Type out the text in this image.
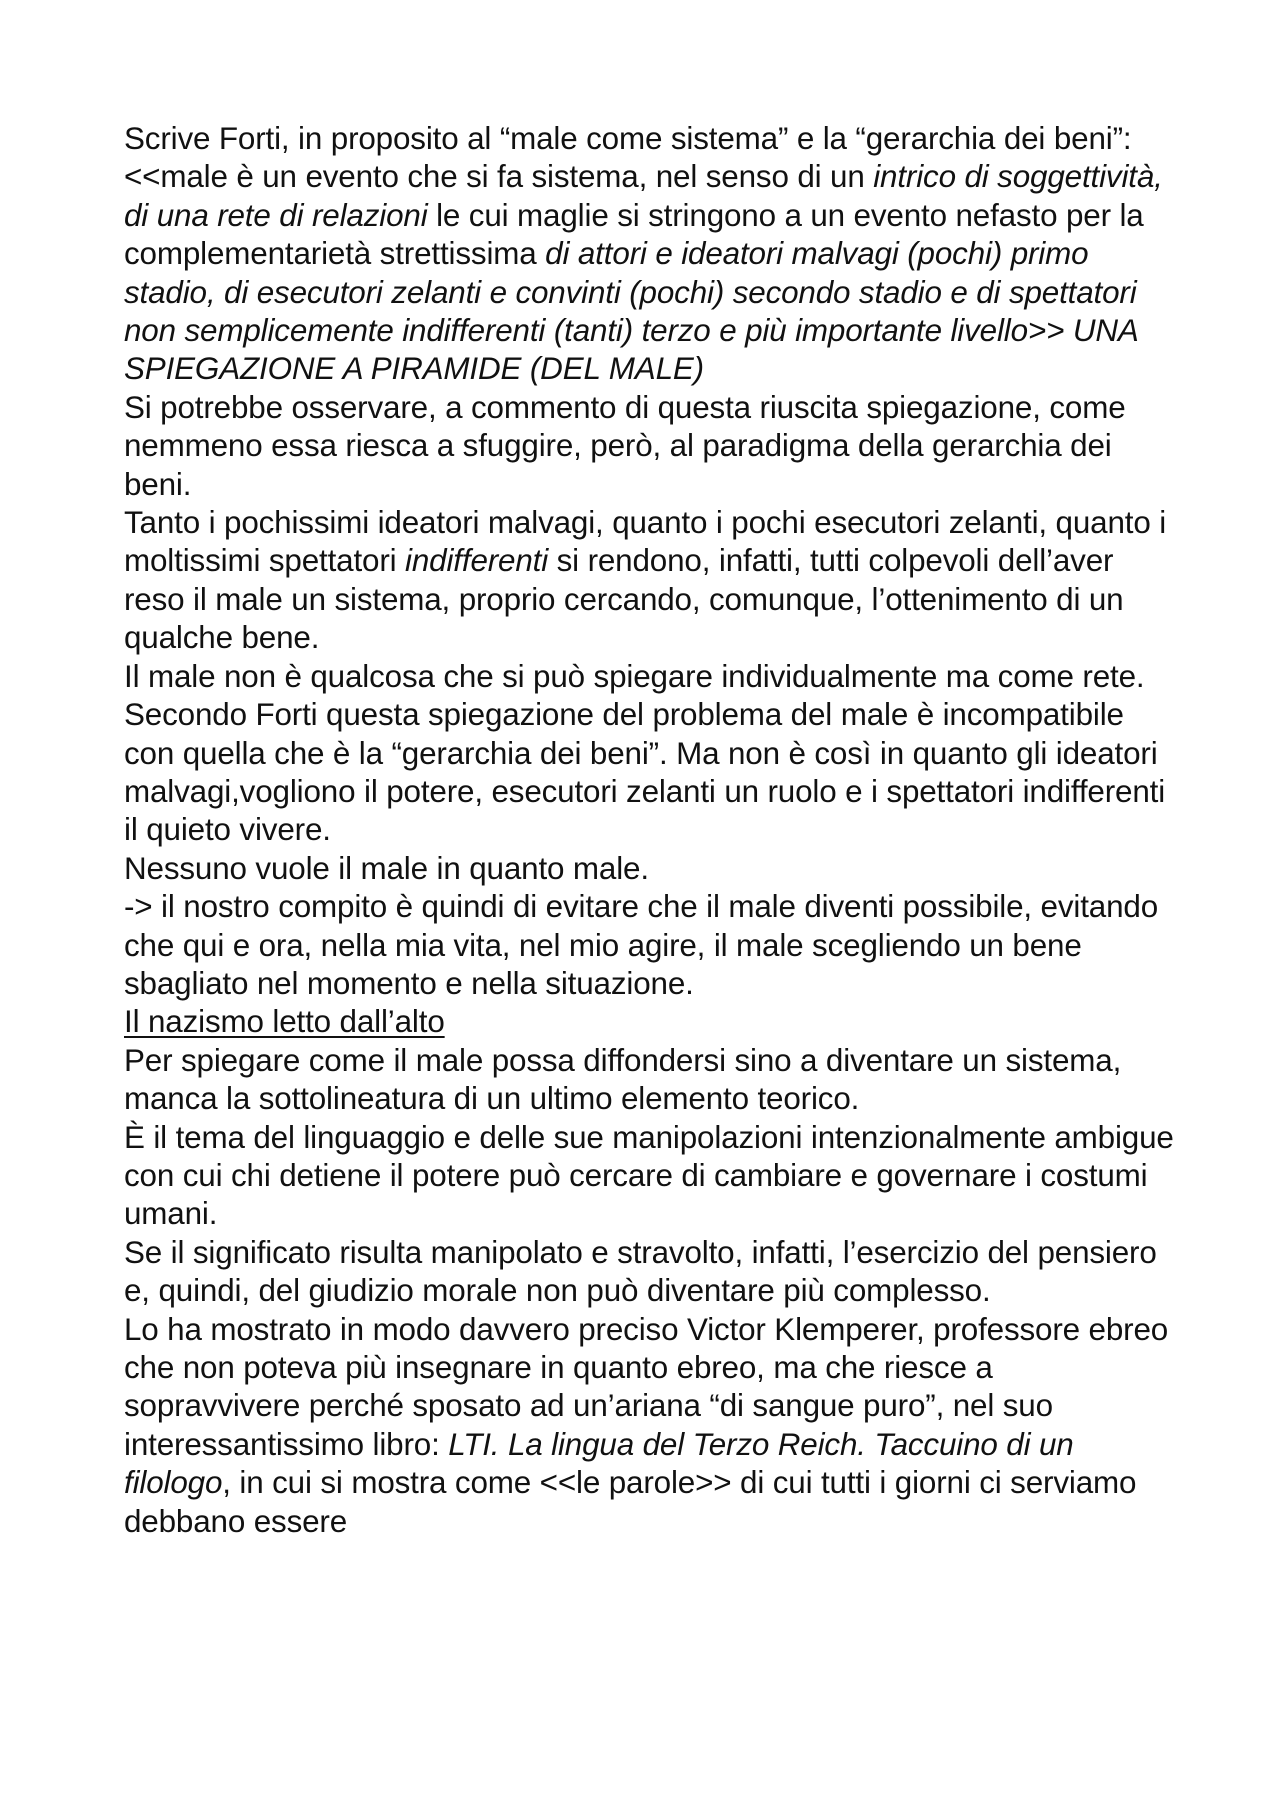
Scrive Forti, in proposito al “male come sistema” e la “gerarchia dei beni”: <<male è un evento che si fa sistema, nel senso di un intrico di soggettività, di una rete di relazioni le cui maglie si stringono a un evento nefasto per la complementarietà strettissima di attori e ideatori malvagi (pochi) primo stadio, di esecutori zelanti e convinti (pochi) secondo stadio e di spettatori non semplicemente indifferenti (tanti) terzo e più importante livello>> UNA SPIEGAZIONE A PIRAMIDE (DEL MALE)

Si potrebbe osservare, a commento di questa riuscita spiegazione, come nemmeno essa riesca a sfuggire, però, al paradigma della gerarchia dei beni.

Tanto i pochissimi ideatori malvagi, quanto i pochi esecutori zelanti, quanto i moltissimi spettatori indifferenti si rendono, infatti, tutti colpevoli dell’aver reso il male un sistema, proprio cercando, comunque, l’ottenimento di un qualche bene.

Il male non è qualcosa che si può spiegare individualmente ma come rete.

Secondo Forti questa spiegazione del problema del male è incompatibile con quella che è la “gerarchia dei beni”. Ma non è così in quanto gli ideatori malvagi,vogliono il potere, esecutori zelanti un ruolo e i spettatori indifferenti il quieto vivere.

Nessuno vuole il male in quanto male.

-> il nostro compito è quindi di evitare che il male diventi possibile, evitando che qui e ora, nella mia vita, nel mio agire, il male scegliendo un bene sbagliato nel momento e nella situazione.

Il nazismo letto dall’alto

Per spiegare come il male possa diffondersi sino a diventare un sistema, manca la sottolineatura di un ultimo elemento teorico.

È il tema del linguaggio e delle sue manipolazioni intenzionalmente ambigue con cui chi detiene il potere può cercare di cambiare e governare i costumi umani.

Se il significato risulta manipolato e stravolto, infatti, l’esercizio del pensiero e, quindi, del giudizio morale non può diventare più complesso.

Lo ha mostrato in modo davvero preciso Victor Klemperer, professore ebreo che non poteva più insegnare in quanto ebreo, ma che riesce a sopravvivere perché sposato ad un’ariana “di sangue puro”, nel suo interessantissimo libro: LTI. La lingua del Terzo Reich. Taccuino di un filologo, in cui si mostra come <<le parole>> di cui tutti i giorni ci serviamo debbano essere
